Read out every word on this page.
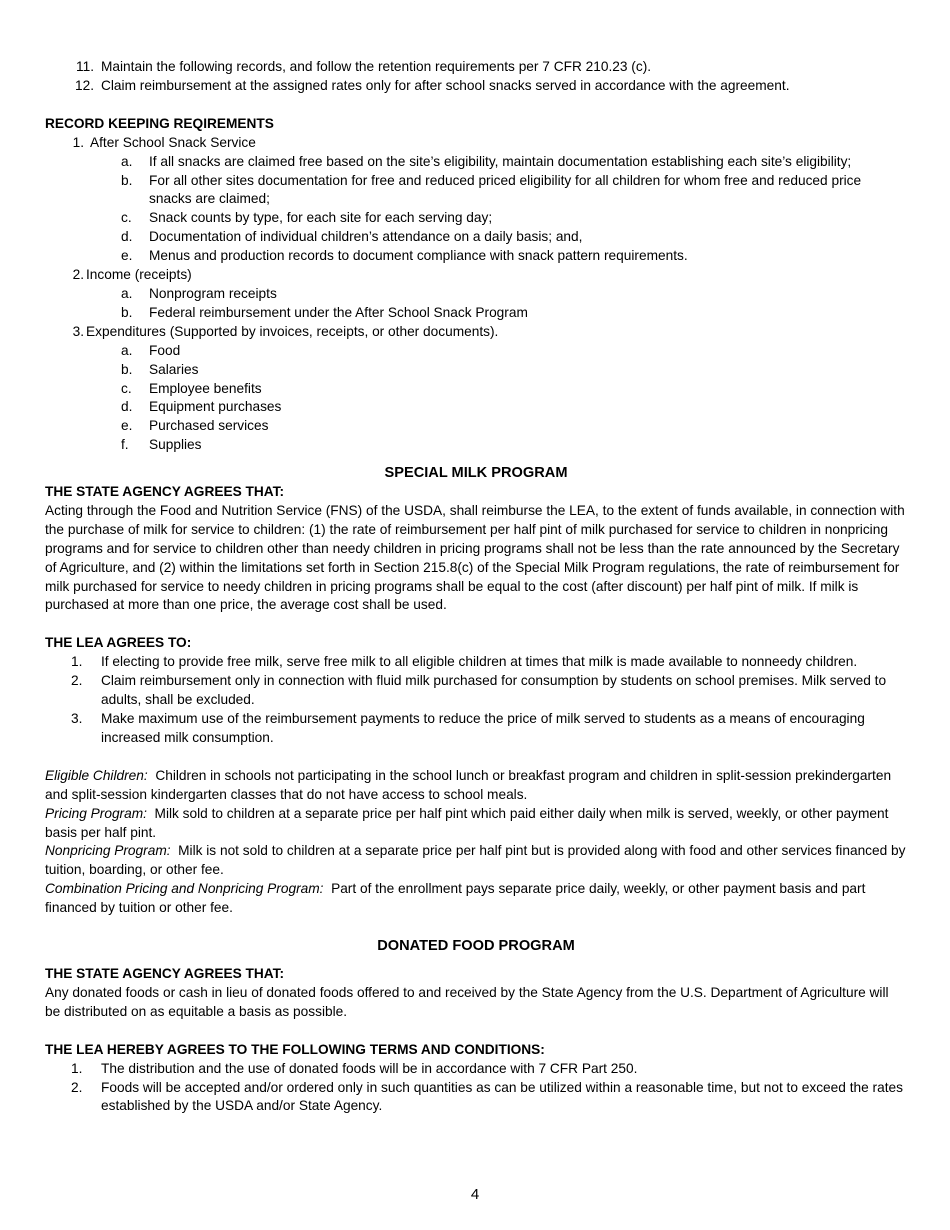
11. Maintain the following records, and follow the retention requirements per 7 CFR 210.23 (c).
12. Claim reimbursement at the assigned rates only for after school snacks served in accordance with the agreement.
RECORD KEEPING REQIREMENTS
1. After School Snack Service
a. If all snacks are claimed free based on the site’s eligibility, maintain documentation establishing each site’s eligibility;
b. For all other sites documentation for free and reduced priced eligibility for all children for whom free and reduced price snacks are claimed;
c. Snack counts by type, for each site for each serving day;
d. Documentation of individual children’s attendance on a daily basis; and,
e. Menus and production records to document compliance with snack pattern requirements.
2. Income (receipts)
a. Nonprogram receipts
b. Federal reimbursement under the After School Snack Program
3. Expenditures (Supported by invoices, receipts, or other documents).
a. Food
b. Salaries
c. Employee benefits
d. Equipment purchases
e. Purchased services
f.	Supplies
SPECIAL MILK PROGRAM
THE STATE AGENCY AGREES THAT:
Acting through the Food and Nutrition Service (FNS) of the USDA, shall reimburse the LEA, to the extent of funds available, in connection with the purchase of milk for service to children: (1) the rate of reimbursement per half pint of milk purchased for service to children in nonpricing programs and for service to children other than needy children in pricing programs shall not be less than the rate announced by the Secretary of Agriculture, and (2) within the limitations set forth in Section 215.8(c) of the Special Milk Program regulations, the rate of reimbursement for milk purchased for service to needy children in pricing programs shall be equal to the cost (after discount) per half pint of milk. If milk is purchased at more than one price, the average cost shall be used.
THE LEA AGREES TO:
1. If electing to provide free milk, serve free milk to all eligible children at times that milk is made available to nonneedy children.
2. Claim reimbursement only in connection with fluid milk purchased for consumption by students on school premises. Milk served to adults, shall be excluded.
3. Make maximum use of the reimbursement payments to reduce the price of milk served to students as a means of encouraging increased milk consumption.
Eligible Children: Children in schools not participating in the school lunch or breakfast program and children in split-session prekindergarten and split-session kindergarten classes that do not have access to school meals.
Pricing Program: Milk sold to children at a separate price per half pint which paid either daily when milk is served, weekly, or other payment basis per half pint.
Nonpricing Program: Milk is not sold to children at a separate price per half pint but is provided along with food and other services financed by tuition, boarding, or other fee.
Combination Pricing and Nonpricing Program: Part of the enrollment pays separate price daily, weekly, or other payment basis and part financed by tuition or other fee.
DONATED FOOD PROGRAM
THE STATE AGENCY AGREES THAT:
Any donated foods or cash in lieu of donated foods offered to and received by the State Agency from the U.S. Department of Agriculture will be distributed on as equitable a basis as possible.
THE LEA HEREBY AGREES TO THE FOLLOWING TERMS AND CONDITIONS:
1. The distribution and the use of donated foods will be in accordance with 7 CFR Part 250.
2. Foods will be accepted and/or ordered only in such quantities as can be utilized within a reasonable time, but not to exceed the rates established by the USDA and/or State Agency.
4
